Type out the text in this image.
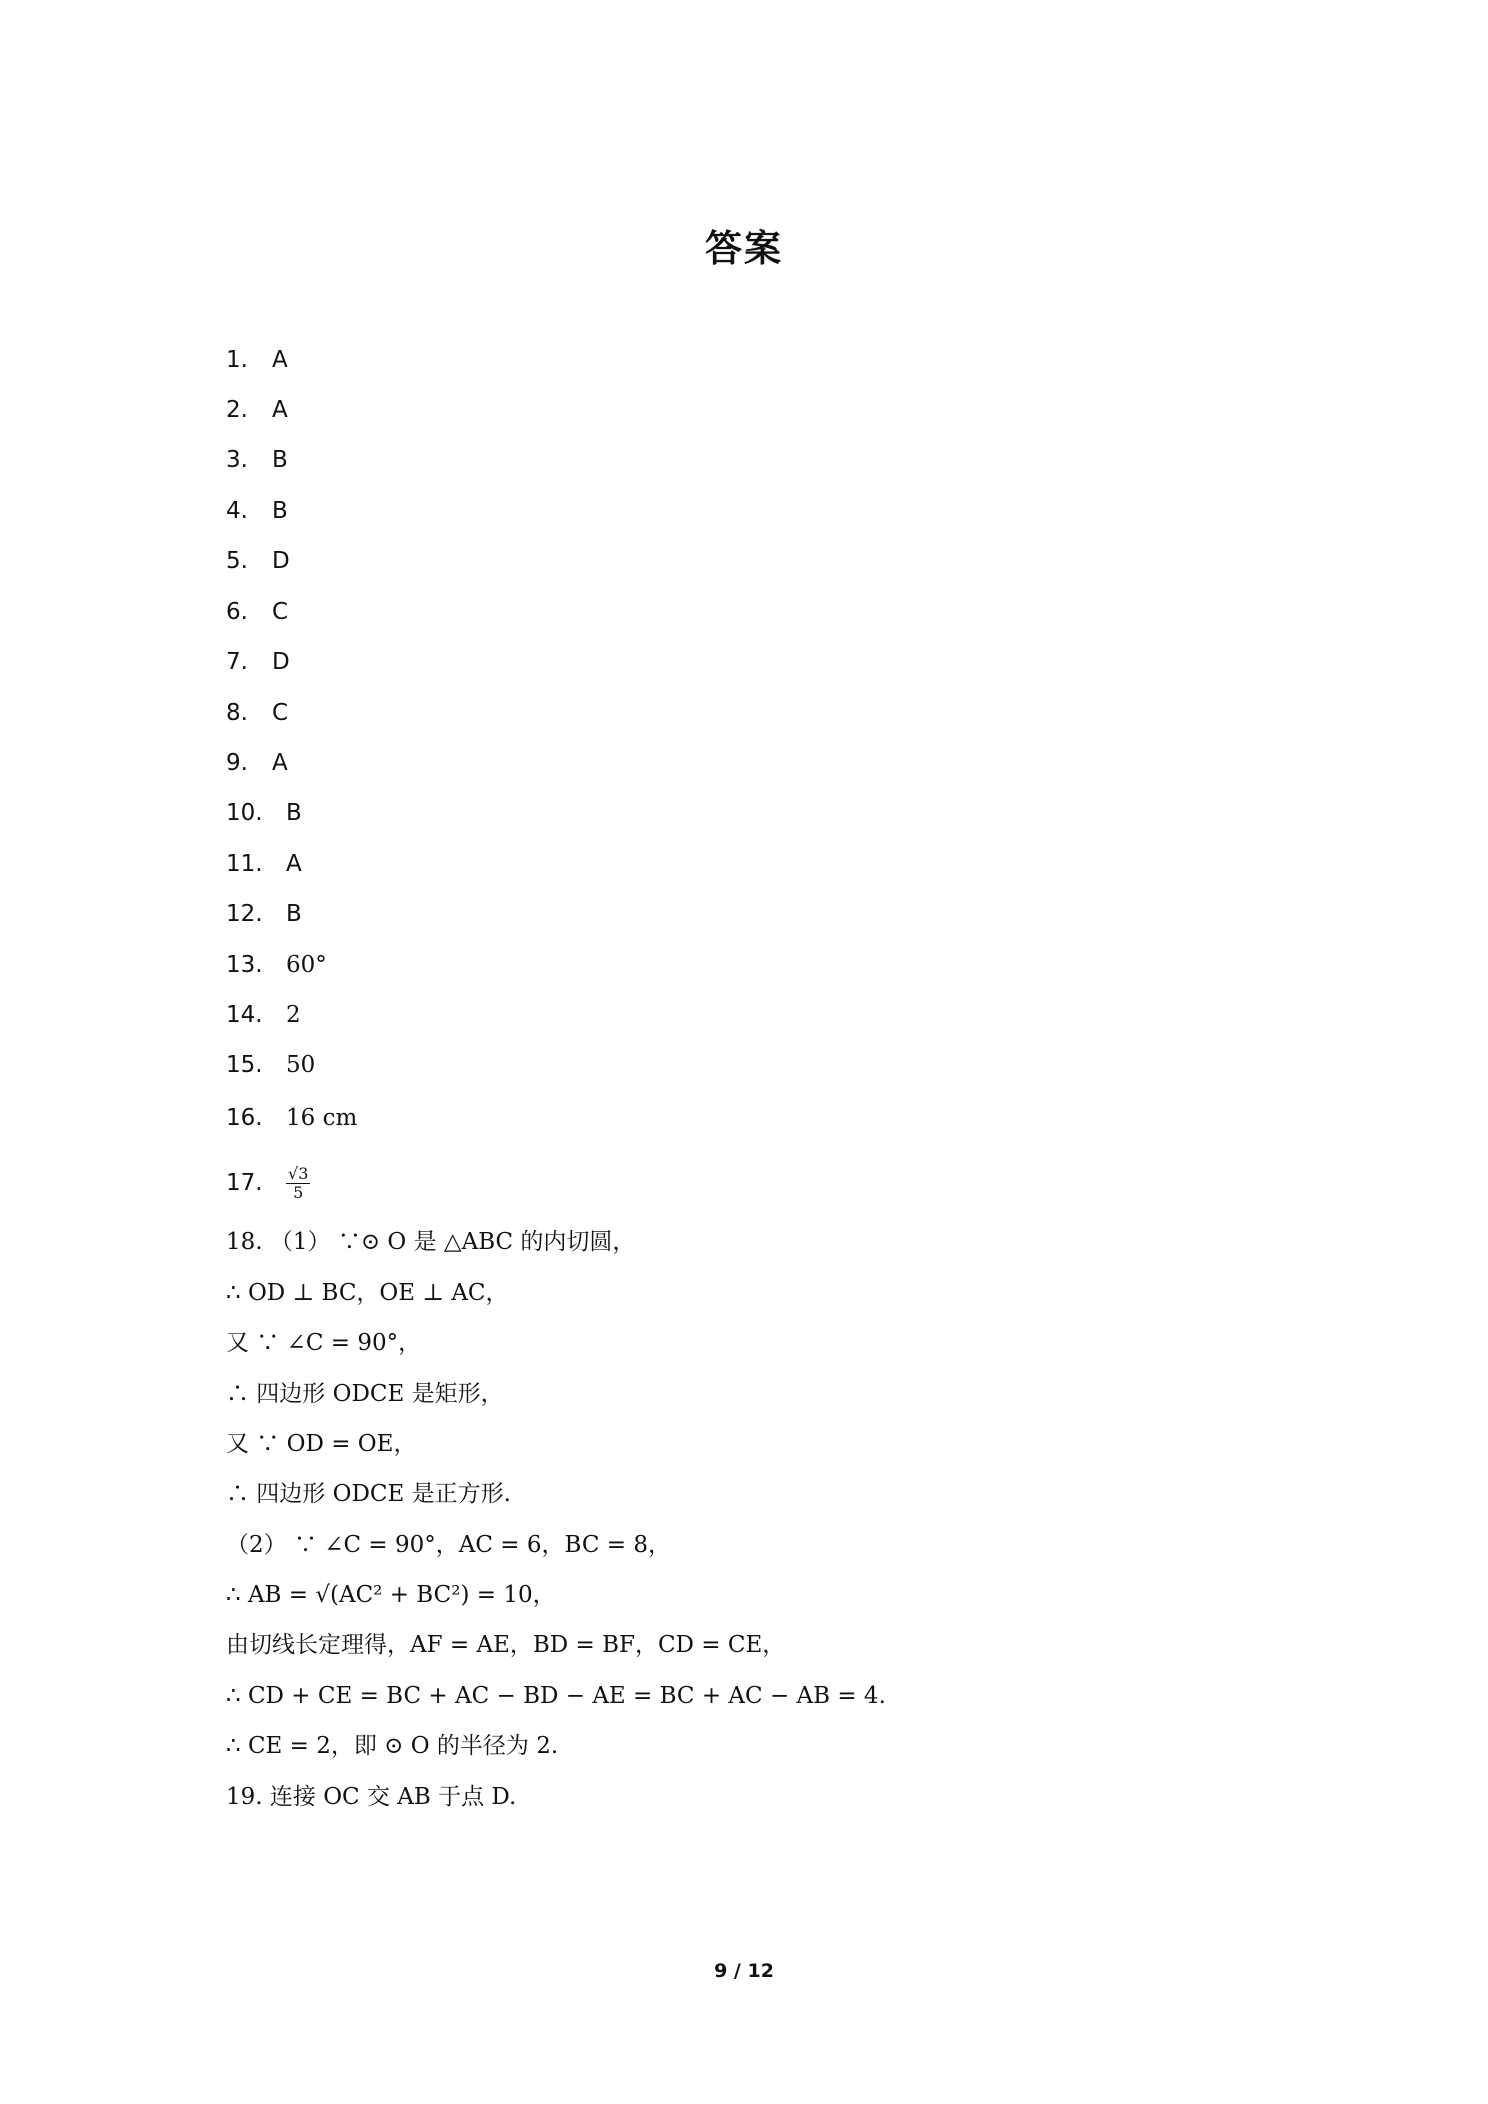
答案
1. A
2. A
3. B
4. B
5. D
6. C
7. D
8. C
9. A
10. B
11. A
12. B
13. 60°
14. 2
15. 50
16. 16 cm
17. $\frac{√3}{5}$
18. （1） ∵⊙ O 是 △ABC 的内切圆，
∴ OD ⊥ BC，OE ⊥ AC，
又 ∵ ∠C = 90°，
∴ 四边形 ODCE 是矩形，
又 ∵ OD = OE，
∴ 四边形 ODCE 是正方形.
（2） ∵ ∠C = 90°，AC = 6，BC = 8，
∴ AB = √(AC² + BC²) = 10，
由切线长定理得，AF = AE，BD = BF，CD = CE，
∴ CD + CE = BC + AC − BD − AE = BC + AC − AB = 4.
∴ CE = 2，即 ⊙ O 的半径为 2.
19. 连接 OC 交 AB 于点 D.
9 / 12
